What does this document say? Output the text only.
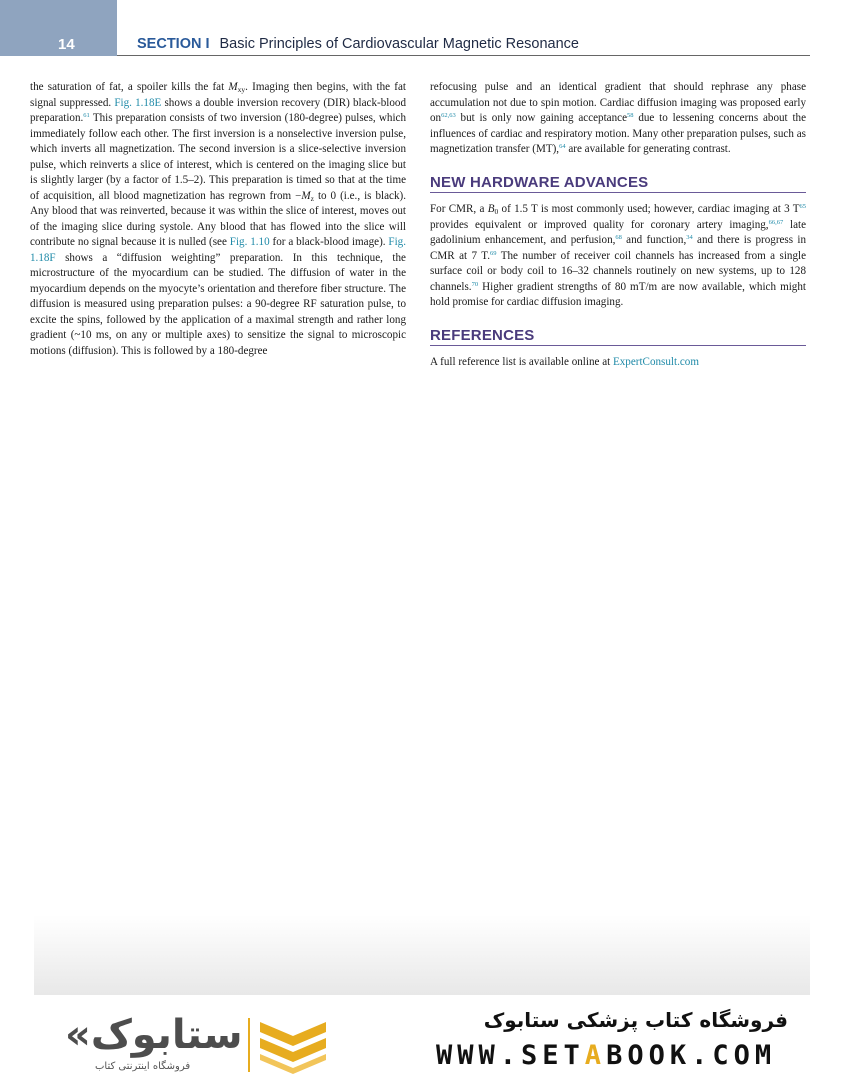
14	SECTION I Basic Principles of Cardiovascular Magnetic Resonance

the saturation of fat, a spoiler kills the fat $M_{xy}$. Imaging then begins, with the fat signal suppressed. Fig. 1.18E shows a double inversion recovery (DIR) black-blood preparation.$^{61}$ This preparation consists of two inversion (180-degree) pulses, which immediately follow each other. The first inversion is a nonselective inversion pulse, which inverts all magnetization. The second inversion is a slice-selective inversion pulse, which reinverts a slice of interest, which is centered on the imaging slice but is slightly larger (by a factor of 1.5–2). This preparation is timed so that at the time of acquisition, all blood magnetization has regrown from $-M_z$ to 0 (i.e., is black). Any blood that was reinverted, because it was within the slice of interest, moves out of the imaging slice during systole. Any blood that has flowed into the slice will contribute no signal because it is nulled (see Fig. 1.10 for a black-blood image). Fig. 1.18F shows a “diffusion weighting” preparation. In this technique, the microstructure of the myocardium can be studied. The diffusion of water in the myocardium depends on the myocyte’s orientation and therefore fiber structure. The diffusion is measured using preparation pulses: a 90-degree RF saturation pulse, to excite the spins, followed by the application of a maximal strength and rather long gradient (~10 ms, on any or multiple axes) to sensitize the signal to microscopic motions (diffusion). This is followed by a 180-degree

refocusing pulse and an identical gradient that should rephrase any phase accumulation not due to spin motion. Cardiac diffusion imaging was proposed early on$^{62,63}$ but is only now gaining acceptance$^{58}$ due to lessening concerns about the influences of cardiac and respiratory motion. Many other preparation pulses, such as magnetization transfer (MT),$^{64}$ are available for generating contrast.

NEW HARDWARE ADVANCES

For CMR, a $B_0$ of 1.5 T is most commonly used; however, cardiac imaging at 3 $T^{65}$ provides equivalent or improved quality for coronary artery imaging,$^{66,67}$ late gadolinium enhancement, and perfusion,$^{68}$ and function,$^{34}$ and there is progress in CMR at 7 T.$^{69}$ The number of receiver coil channels has increased from a single surface coil or body coil to 16–32 channels routinely on new systems, up to 128 channels.$^{70}$ Higher gradient strengths of 80 mT/m are now available, which might hold promise for cardiac diffusion imaging.

REFERENCES

A full reference list is available online at ExpertConsult.com

«ستابوک
فروشگاه اینترنتی کتاب
فروشگاه کتاب پزشکی ستابوک
WWW.SETABOOK.COM
